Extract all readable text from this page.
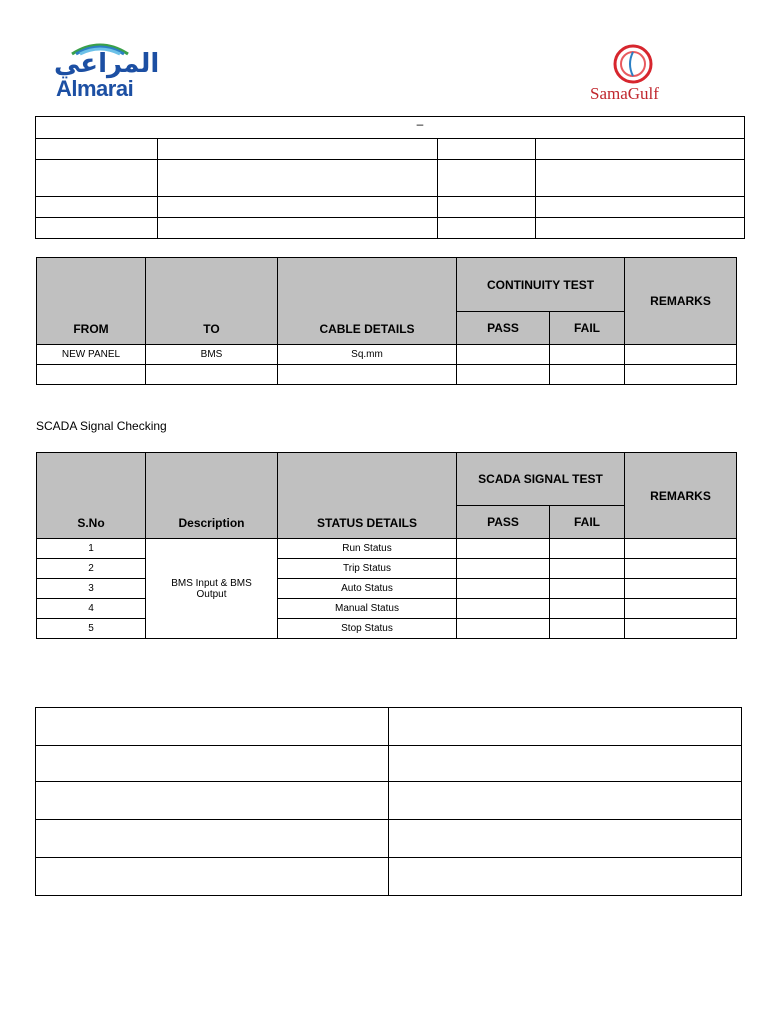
المراعي
Almarai	SamaGulf
–			

FROM	TO	CABLE DETAILS	CONTINUITY TEST		REMARKS
			PASS	FAIL	
NEW PANEL	BMS	Sq.mm			

SCADA Signal Checking
S.No	Description	STATUS DETAILS	SCADA SIGNAL TEST		REMARKS
			PASS	FAIL	
1	BMS Input & BMS Output	Run Status			
2		Trip Status			
3		Auto Status			
4		Manual Status			
5		Stop Status			
